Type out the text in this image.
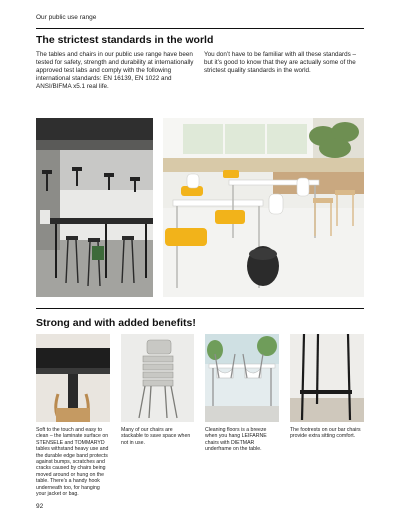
Our public use range
The strictest standards in the world
The tables and chairs in our public use range have been tested for safety, strength and durability at internationally approved test labs and comply with the following international standards: EN 16139, EN 1022 and ANSI/BIFMA x5.1 real life.
You don’t have to be familiar with all these standards – but it’s good to know that they are actually some of the strictest quality standards in the world.
Strong and with added benefits!
Soft to the touch and easy to clean – the laminate surface on STENSELE and TOMMARYD tables withstand heavy use and the durable edge band protects against bumps, scratches and cracks caused by chairs being moved around or hung on the table. There’s a handy hook underneath too, for hanging your jacket or bag.
Many of our chairs are stackable to save space when not in use.
Cleaning floors is a breeze when you hang LEIFARNE chairs with DIETMAR underframe on the table.
The footrests on our bar chairs provide extra sitting comfort.
92
